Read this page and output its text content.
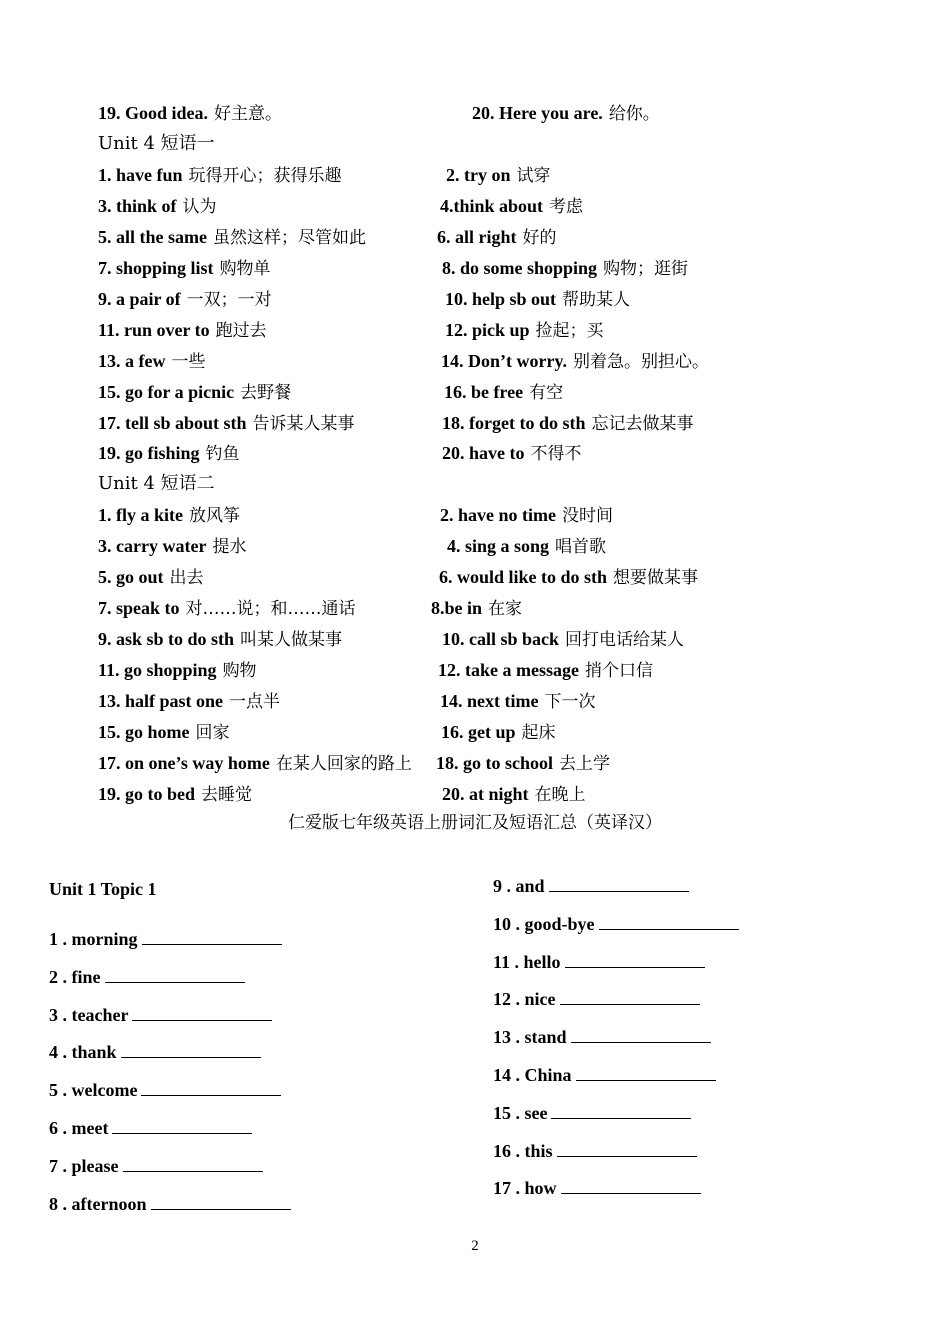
19. Good idea. 好主意。	20. Here you are. 给你。
Unit 4 短语一
1. have fun 玩得开心；获得乐趣	2. try on 试穿
3. think of 认为	4.think about 考虑
5. all the same 虽然这样；尽管如此	6. all right 好的
7. shopping list 购物单	8. do some shopping 购物；逛街
9. a pair of 一双；一对	10. help sb out 帮助某人
11. run over to 跑过去	12. pick up 捡起；买
13. a few 一些	14. Don’t worry. 别着急。别担心。
15. go for a picnic 去野餐	16. be free 有空
17. tell sb about sth 告诉某人某事	18. forget to do sth 忘记去做某事
19. go fishing 钓鱼	20. have to 不得不
Unit 4 短语二
1. fly a kite 放风筝	2. have no time 没时间
3. carry water 提水	4. sing a song 唱首歌
5. go out 出去	6. would like to do sth 想要做某事
7. speak to 对……说；和……通话	8.be in 在家
9. ask sb to do sth 叫某人做某事	10. call sb back 回打电话给某人
11. go shopping 购物	12. take a message 捎个口信
13. half past one 一点半	14. next time 下一次
15. go home 回家	16. get up 起床
17. on one’s way home 在某人回家的路上 18. go to school 去上学
19. go to bed 去睡觉	20. at night 在晚上
仁爱版七年级英语上册词汇及短语汇总（英译汉）
Unit 1 Topic 1
1 . morning
2 . fine
3 . teacher
4 . thank
5 . welcome
6 . meet
7 . please
8 . afternoon
9 . and
10 . good-bye
11 . hello
12 . nice
13 . stand
14 . China
15 . see
16 . this
17 . how
2
